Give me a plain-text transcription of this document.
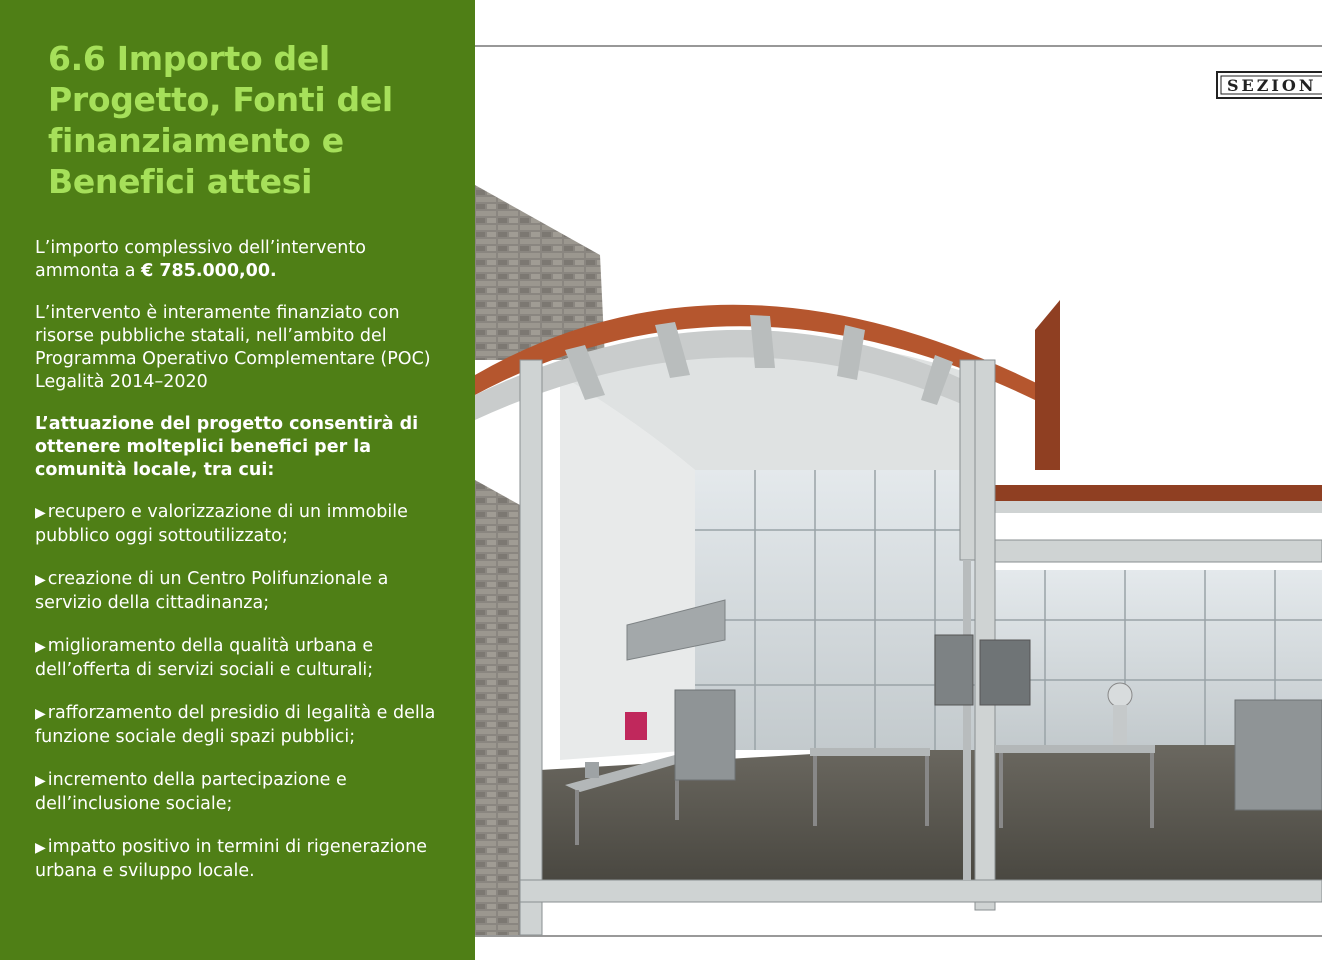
6.6 Importo del Progetto, Fonti del finanziamento e Benefici attesi

L’importo complessivo dell’intervento ammonta a € 785.000,00.

L’intervento è interamente finanziato con risorse pubbliche statali, nell’ambito del Programma Operativo Complementare (POC) Legalità 2014–2020

L’attuazione del progetto consentirà di ottenere molteplici benefici per la comunità locale, tra cui:

▶ recupero e valorizzazione di un immobile pubblico oggi sottoutilizzato;
▶ creazione di un Centro Polifunzionale a servizio della cittadinanza;
▶ miglioramento della qualità urbana e dell’offerta di servizi sociali e culturali;
▶ rafforzamento del presidio di legalità e della funzione sociale degli spazi pubblici;
▶ incremento della partecipazione e dell’inclusione sociale;
▶ impatto positivo in termini di rigenerazione urbana e sviluppo locale.
SEZION
